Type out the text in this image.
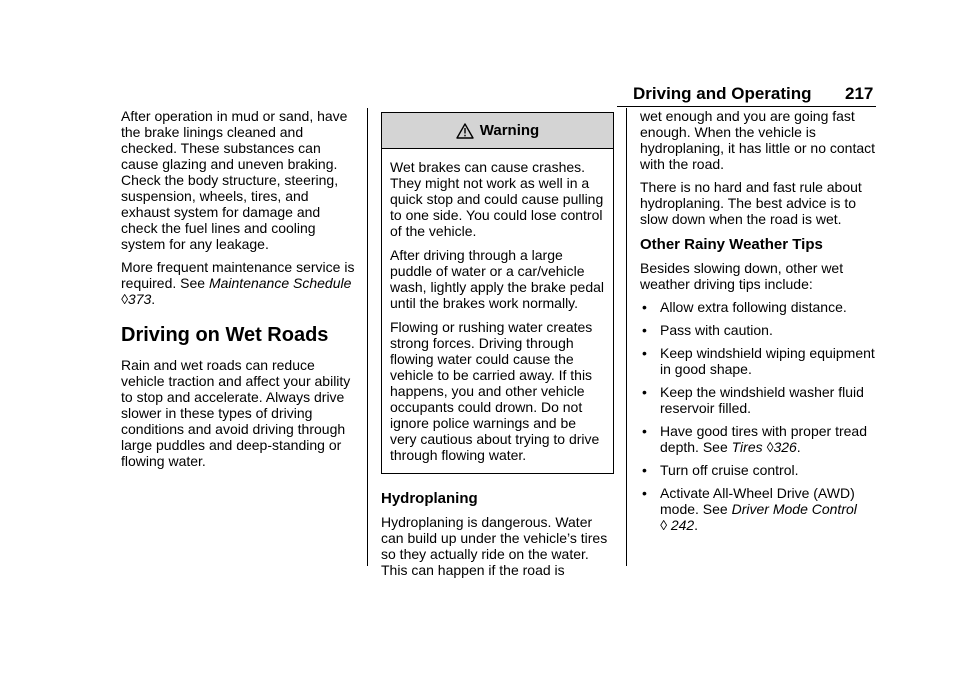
Driving and Operating 217

After operation in mud or sand, have the brake linings cleaned and checked. These substances can cause glazing and uneven braking. Check the body structure, steering, suspension, wheels, tires, and exhaust system for damage and check the fuel lines and cooling system for any leakage.

More frequent maintenance service is required. See Maintenance Schedule ◊373.

Driving on Wet Roads

Rain and wet roads can reduce vehicle traction and affect your ability to stop and accelerate. Always drive slower in these types of driving conditions and avoid driving through large puddles and deep-standing or flowing water.

Warning

Wet brakes can cause crashes. They might not work as well in a quick stop and could cause pulling to one side. You could lose control of the vehicle.

After driving through a large puddle of water or a car/vehicle wash, lightly apply the brake pedal until the brakes work normally.

Flowing or rushing water creates strong forces. Driving through flowing water could cause the vehicle to be carried away. If this happens, you and other vehicle occupants could drown. Do not ignore police warnings and be very cautious about trying to drive through flowing water.

Hydroplaning

Hydroplaning is dangerous. Water can build up under the vehicle’s tires so they actually ride on the water. This can happen if the road is

wet enough and you are going fast enough. When the vehicle is hydroplaning, it has little or no contact with the road.

There is no hard and fast rule about hydroplaning. The best advice is to slow down when the road is wet.

Other Rainy Weather Tips

Besides slowing down, other wet weather driving tips include:

• Allow extra following distance.
• Pass with caution.
• Keep windshield wiping equipment in good shape.
• Keep the windshield washer fluid reservoir filled.
• Have good tires with proper tread depth. See Tires ◊326.
• Turn off cruise control.
• Activate All-Wheel Drive (AWD) mode. See Driver Mode Control
◊ 242.
